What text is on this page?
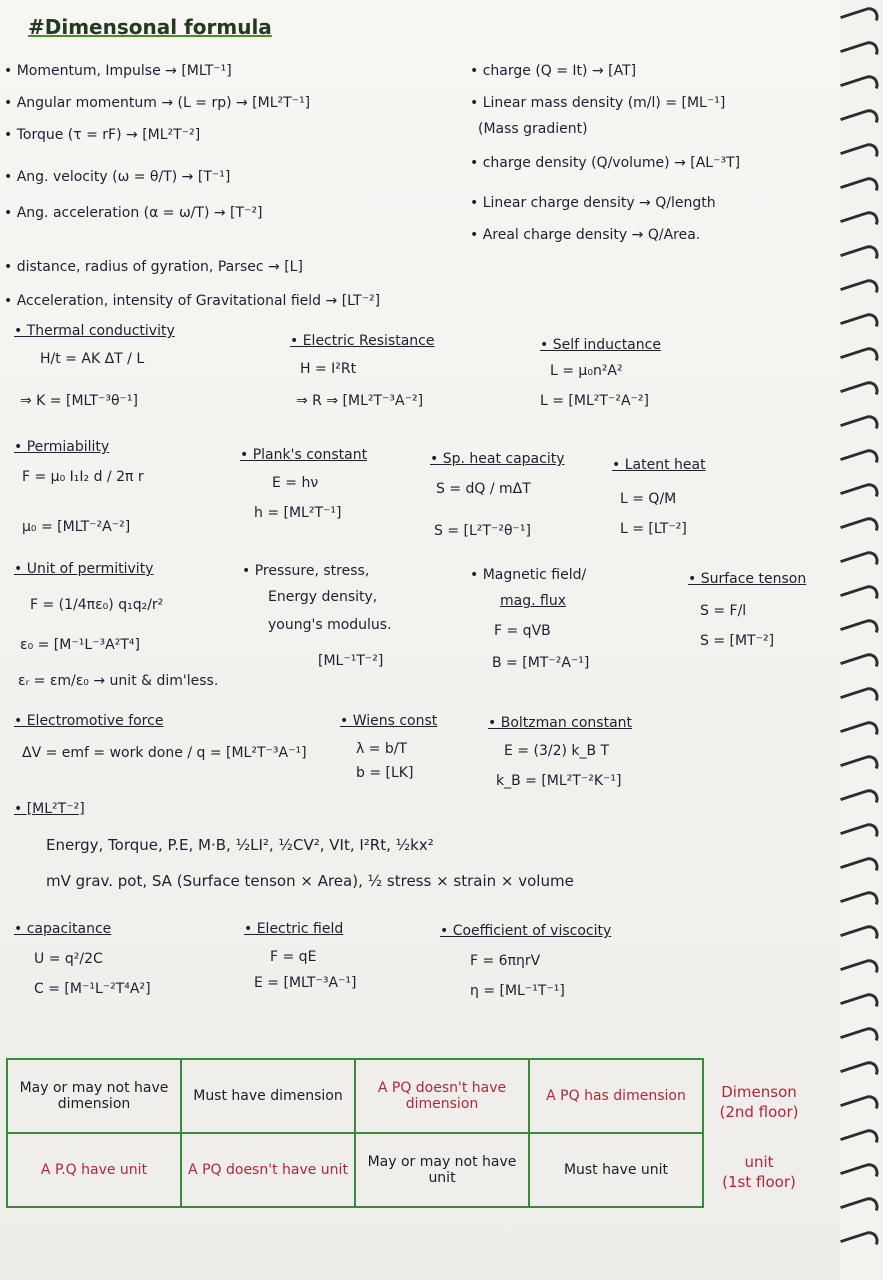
#Dimensonal formula
• Momentum, Impulse → [MLT⁻¹]
• Angular momentum → (L = rp) → [ML²T⁻¹]
• Torque (τ = rF) → [ML²T⁻²]
• Ang. velocity (ω = θ/T) → [T⁻¹]
• Ang. acceleration (α = ω/T) → [T⁻²]
• charge (Q = It) → [AT]
• Linear mass density (m/l) = [ML⁻¹]
(Mass gradient)
• charge density (Q/volume) → [AL⁻³T]
• Linear charge density → Q/length
• Areal charge density → Q/Area.
• distance, radius of gyration, Parsec → [L]
• Acceleration, intensity of Gravitational field → [LT⁻²]
• Thermal conductivity
H/t = AK ΔT / L
⇒ K = [MLT⁻³θ⁻¹]
• Electric Resistance
H = I²Rt
⇒ R ⇒ [ML²T⁻³A⁻²]
• Self inductance
L = μ₀n²A²
L = [ML²T⁻²A⁻²]
• Permiability
F = μ₀ I₁I₂ d / 2π r
μ₀ = [MLT⁻²A⁻²]
• Plank's constant
E = hν
h = [ML²T⁻¹]
• Sp. heat capacity
S = dQ / mΔT
S = [L²T⁻²θ⁻¹]
• Latent heat
L = Q/M
L = [LT⁻²]
• Unit of permitivity
F = (1/4πε₀) q₁q₂/r²
ε₀ = [M⁻¹L⁻³A²T⁴]
εᵣ = εm/ε₀ → unit & dim'less.
• Pressure, stress,
Energy density,
young's modulus.
[ML⁻¹T⁻²]
• Magnetic field/
mag. flux
F = qVB
B = [MT⁻²A⁻¹]
• Surface tenson
S = F/l
S = [MT⁻²]
• Electromotive force
ΔV = emf = work done / q = [ML²T⁻³A⁻¹]
• Wiens const
λ = b/T
b = [LK]
• Boltzman constant
E = (3/2) k_B T
k_B = [ML²T⁻²K⁻¹]
• [ML²T⁻²]
Energy, Torque, P.E, M·B, ½LI², ½CV², VIt, I²Rt, ½kx²
mV grav. pot, SA (Surface tenson × Area), ½ stress × strain × volume
• capacitance
U = q²/2C
C = [M⁻¹L⁻²T⁴A²]
• Electric field
F = qE
E = [MLT⁻³A⁻¹]
• Coefficient of viscocity
F = 6πηrV
η = [ML⁻¹T⁻¹]
May or may not have dimension	Must have dimension	A PQ doesn't have dimension	A PQ has dimension
A P.Q have unit	A PQ doesn't have unit	May or may not have unit	Must have unit
Dimenson
(2nd floor)
unit
(1st floor)
